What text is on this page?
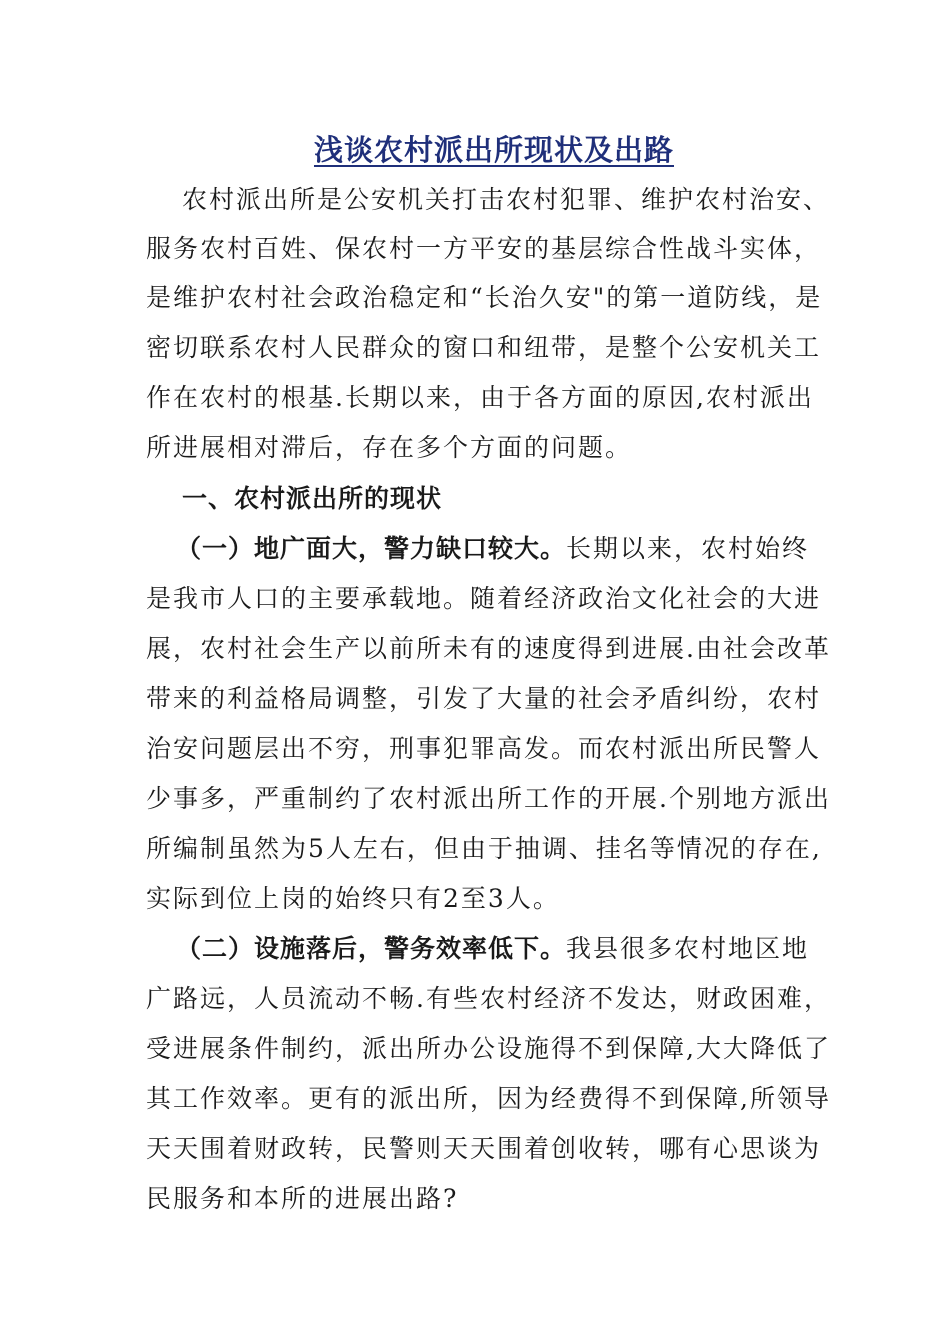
浅谈农村派出所现状及出路
农村派出所是公安机关打击农村犯罪、维护农村治安、
服务农村百姓、保农村一方平安的基层综合性战斗实体，
是维护农村社会政治稳定和“长治久安"的第一道防线，是
密切联系农村人民群众的窗口和纽带，是整个公安机关工
作在农村的根基.长期以来，由于各方面的原因,农村派出
所进展相对滞后，存在多个方面的问题。
一、农村派出所的现状
（一）地广面大，警力缺口较大。长期以来，农村始终
是我市人口的主要承载地。随着经济政治文化社会的大进
展，农村社会生产以前所未有的速度得到进展.由社会改革
带来的利益格局调整，引发了大量的社会矛盾纠纷，农村
治安问题层出不穷，刑事犯罪高发。而农村派出所民警人
少事多，严重制约了农村派出所工作的开展.个别地方派出
所编制虽然为5人左右，但由于抽调、挂名等情况的存在,
实际到位上岗的始终只有2至3人。
（二）设施落后，警务效率低下。我县很多农村地区地
广路远，人员流动不畅.有些农村经济不发达，财政困难，
受进展条件制约，派出所办公设施得不到保障,大大降低了
其工作效率。更有的派出所，因为经费得不到保障,所领导
天天围着财政转，民警则天天围着创收转，哪有心思谈为
民服务和本所的进展出路?
